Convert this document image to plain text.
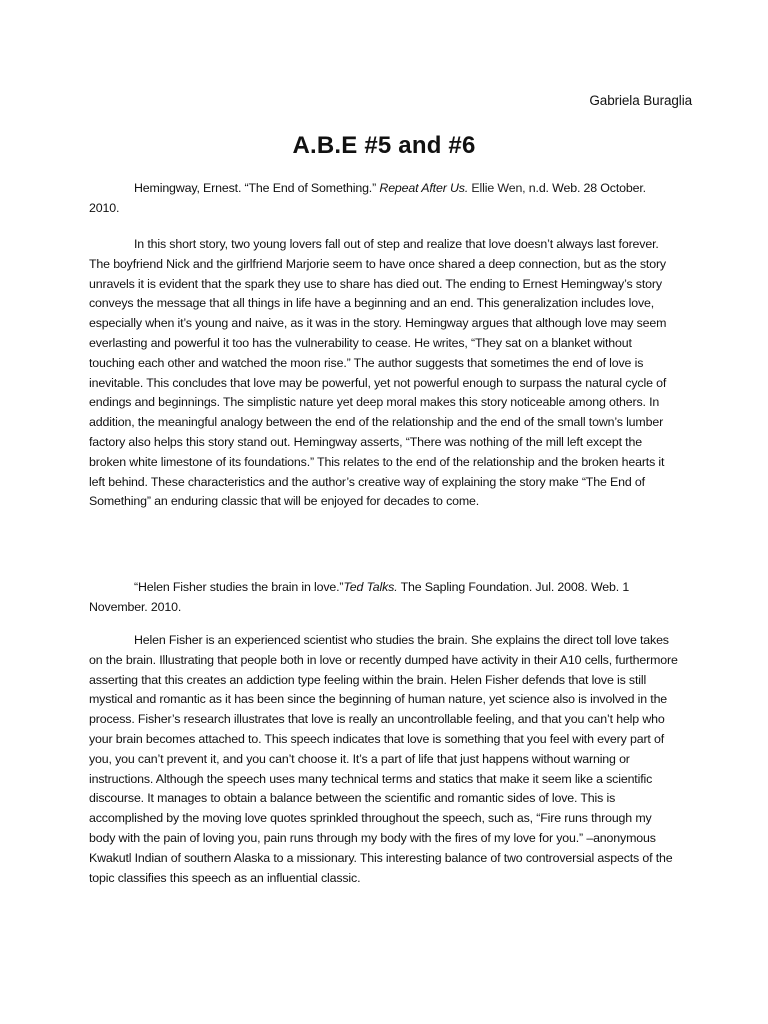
Gabriela Buraglia
A.B.E #5 and #6
Hemingway, Ernest. “The End of Something.” Repeat After Us. Ellie Wen, n.d. Web. 28 October. 2010.
In this short story, two young lovers fall out of step and realize that love doesn’t always last forever. The boyfriend Nick and the girlfriend Marjorie seem to have once shared a deep connection, but as the story unravels it is evident that the spark they use to share has died out. The ending to Ernest Hemingway’s story conveys the message that all things in life have a beginning and an end. This generalization includes love, especially when it’s young and naive, as it was in the story. Hemingway argues that although love may seem everlasting and powerful it too has the vulnerability to cease. He writes, “They sat on a blanket without touching each other and watched the moon rise.” The author suggests that sometimes the end of love is inevitable. This concludes that love may be powerful, yet not powerful enough to surpass the natural cycle of endings and beginnings. The simplistic nature yet deep moral makes this story noticeable among others. In addition, the meaningful analogy between the end of the relationship and the end of the small town’s lumber factory also helps this story stand out. Hemingway asserts, “There was nothing of the mill left except the broken white limestone of its foundations.” This relates to the end of the relationship and the broken hearts it left behind. These characteristics and the author’s creative way of explaining the story make “The End of Something” an enduring classic that will be enjoyed for decades to come.
“Helen Fisher studies the brain in love.”Ted Talks. The Sapling Foundation. Jul. 2008. Web. 1 November. 2010.
Helen Fisher is an experienced scientist who studies the brain. She explains the direct toll love takes on the brain. Illustrating that people both in love or recently dumped have activity in their A10 cells, furthermore asserting that this creates an addiction type feeling within the brain. Helen Fisher defends that love is still mystical and romantic as it has been since the beginning of human nature, yet science also is involved in the process. Fisher’s research illustrates that love is really an uncontrollable feeling, and that you can’t help who your brain becomes attached to. This speech indicates that love is something that you feel with every part of you, you can’t prevent it, and you can’t choose it. It’s a part of life that just happens without warning or instructions. Although the speech uses many technical terms and statics that make it seem like a scientific discourse. It manages to obtain a balance between the scientific and romantic sides of love. This is accomplished by the moving love quotes sprinkled throughout the speech, such as, “Fire runs through my body with the pain of loving you, pain runs through my body with the fires of my love for you.” –anonymous Kwakutl Indian of southern Alaska to a missionary. This interesting balance of two controversial aspects of the topic classifies this speech as an influential classic.
